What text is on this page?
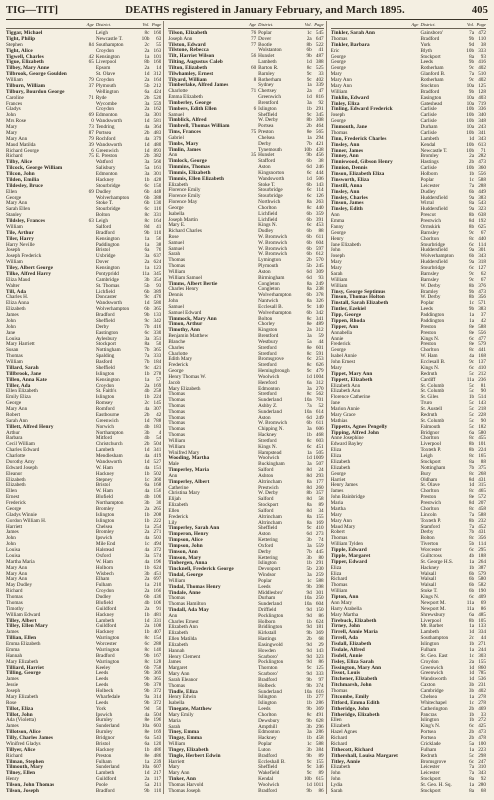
TIG—TIT]	DEATHS registered in January February, and March 1895.	405
Age District.	Vol. Page
Tiggar, Michael	Leigh	8c 160
Tight, Philip	Newcastle T.	10b	63
Stephen	84 Southampton	2c	55
Tight, Alice	Croydon	2a 163
Tigwell, Charles	42 Kensington	1a 101
Tigue, Elizabeth	65 Liverpool	8b 160
Tilbey, Mary Anne	Epsom	2a	14
Tilbrook, George Goulden	St. Olave	1d 312
William	79 Croydon	2a 164
Tilburn, William	37 Plymouth	5b 212
Tilbury, Bourdon George	Wellington	6a 424
Caroline	71 Ryde	2b 520
Frances	Wycombe	3a 559
Gladys	Croydon	2a 162
John	69 Edmonton	3a 301
Mrs Rose	0 Wandsworth	1d 581
Mary	73 Tendring	4a 364
Mary	87 Portsea	2b 483
Mary Ann	79 Rochford	4a 379
Maud Matilda	39 Wandsworth	1d 480
Richard George	6 Greenwich	1d 893
Richard	75 E. Preston	2b 382
Tilby, Alice	Watford	3a 560
Tilcock, George William	Salisbury	5a 161
Tilcon, John	Edmonton	3a 301
Tilden, Emilia	Hackney	1b 428
Tildesley, Bruce	Stourbridge	6c 150
Ellen	69 Dudley	6b 448
George	Wolverhampton	6b 388
Mary Ann	Stoke T.	6b 130
Sarah Ellen	Stourbridge	6c 116
Stanley	Bolton	8c 331
Tildsley, Frances	63 Leigh	8c 164
William	Salford	8d	41
Tile, Arthur	Bradford	9b 110
Tiler, Harry	Kensington	1a	56
Harry Neville	Paddington	1a	38
Joseph	Bristol	6a	76
Joseph Frederick	Uxbridge	3a 637
William	Dover	2a 624
Tiley, Albert George	Kensington	1a 123
Tilke, Alfred Harry	Pontypridd	11a 345
Eliza Maud	Cambridge	3b 354
Walter	St. Thomas	5b	93
Till, Ada	Lichfield	6b 389
Charles H.	Doncaster	9c 476
Eliza Anna	Wandsworth	1d 580
Elizabeth	Wolverhampton	6b 365
James	Bradford	9b 133
John	Sheffield	9c 342
John	Derby	7b 416
Jane	Eastington	6c 330
Louisa	Aylesbury	3a 351
Mary Harriett	Stockport	8a	50
Susan	Nottingham	7b 365
Thomas	Spalding	7a 333
William	Basford	7b 184
Tillard, Sarah	Sheffield	9c 421
Tillbrook, Jane	Islington	1b 278
Tillen, Anna Kate	Kensington	1a	57
Tiller, Ada	Croydon	2a 169
Ellen Elizabeth	St. Faith's	4b 258
Emily Eliza	Islington	1b 224
George	Romsey	2c 145
Mary Ann	Romford	4a 307
Robert	Eastbourne	2b	42
Sarah Ann	Greenwich	1d 788
Tillett, Alfred Henry	Norwich	4b 183
Arthur	Northampton	3b	4
Barbara	Mitford	4b	54
Cecil William	Christchurch	2b 504
Charles Edward	Lambeth	1d 341
Charlotte	Mendlesham	4a 419
Dorothy Amy	Wandsworth	1d 527
Edward Joseph	W. Ham	4a 151
Eleanor	Hackney	1b 502
Elizabeth	Stepney	1c 360
Elizabeth	Bristol	6a 168
Ellen	W. Ham	4a 156
Ernest	Blofield	4b 106
Frederick	Northampton	3b	30
George	Bromley	2a 265
Gladys Winnie	Islington	1b 208
Gordon William H.	Islington	1b 222
Harriett	Chelsea	1a 254
James	Bromley	2a 271
John	Ipswich	4a 503
John	Mile End	1c 494
Louisa	Halstead	4a 372
Louisa	Oxford	3a 574
Martha Maria	W. Ham	4a 196
Mary Ann	Holborn	1b 624
Mary Ann	Wisbech	3b 451
Mary Ann	Elham	2a 697
May Dudley	Fulham	1a 210
Richard	Croydon	2a 166
Thomas	Dudley	6b 436
Thomas	Blofield	4b 106
Timothy	Guildford	2a	91
William Edward	Hackney	1b 481
Tilley, Albert	Lambeth	1d 331
Tilley, Ellen Mary	Guildford	2a 108
James	Hackney	1b 407
Tillian, Ellen	Warrington	8c 154
Emma Elizabeth	Worcester	6c 288
Emma	Warrington	8c 140
Hannah	Bradford	9b 167
Mary Elizabeth	Warrington	8c 128
Tilliard, Harriet	Keeley	6b 758
Tilling, George	Leeds	9b 369
James	Leeds	9b 365
Jessie	Leeds	9b 378
Joseph	Holbeck	9b 372
Mary Elizabeth	Wharfedale	9a 314
Rose	Leeds	9b 372
Tillot, Eliza	York	9d	50
Tillot, John	Ipswich	4a 504
Ada (Violetta)	Burnley	8e 196
James	Sunderland	10a 603
Tillotson, Alice	Burnley	8e 169
Tilly, Charles James	Bridgnor	6a 543
Winifred Gladys	Bristol	6a 120
Tillyer, Alice	Hackney	1b 486
Richard	Preston	8e 486
Tilman, Stephen	Fulham	1a 239
Tilmouth, Mary	Sunderland	10a 607
Tilney, Ellen	Lambeth	1d 217
Henry	Guildford	2a 117
Tilson, John Thomas	Poole	5a 211
Tilson, Joseph	Bradford	9b 110
Age District.	Vol. Page
Tilson, Elizabeth	76 Poplar	1c 545
Joseph Ann	77 Dover	2a 647
Tilston, Edward	77 Bootle	8b 522
Tilstone, Rebecca	Wolstanton	6b	41
Tilt, Harriet Wilson	56 Hunslet	9b 487
Tilting, Augustus Caleb	Lambeth	1d 388
Tilton, Elizabeth	60 Barton R.	8c 525
Tilwhamley, Ernest	Barnley	9c	33
Tilyard, William	8 Rotherham	9c 402
Timberlake, Alfred James	Sydney	1a 339
Charlotte	71 Chertsey	2a	47
Emma Elizabeth	Greenwich	1d 816
Timberley, George	Brentford	3a	92
Timbers, Edith Ellen	6 Islington	1b 291
Samuel	Sheffield	9c 345
Timblick, Alfred	W. Derby	8b 308
Timbrell, Thomas William	Portsea	2b 464
Tims, Frances	75 Preston	8e 565
Gabriel	Chelsea	1a 294
Timbs, Mary	Derby	7b 421
Timlin, James	Tynemouth	10b 438
Ann	35 Hunslet	9b 456
Timlock, George	Stafford	6b	38
Timmins, Thomas	Aston	6d 246
Timmis, Elizabeth	Kingsnorton	6c 444
Timmis, Ellen Elizabeth	Wandsworth	1d 506
Elizabeth	Stoke T.	6b 143
Florence Emily	Stourbridge	6c 114
Florence Emily	Stourbridge	6c 126
Florence May	Northwich	8a 263
George	Chorlton	8c 440
Isabella	Lichfield	6b 359
Joseph Martin	Lichfield	6b 391
Mary E.	Kings N.	6c 453
Richard Charles	Dudley	6b	88
Rose	W. Bromwich	6b 611
Samuel	W. Bromwich	6b 604
Samuel	W. Bromwich	6b 597
Sarah	W. Bromwich	6b 612
Thomas	Lymington	2b 570
Thomas	Plymouth	5b 245
William	Aston	6d 309
William Samuel	Birmingham	6d	93
Timms, Albert Bertie	Congleton	8a 249
Charles Henry	Congleton	8a 238
Dennis	Wolverhampton	6b 378
John	Nantwich	8a 326
Samuel	Ecclesall B.	9c 140
Samuel Edward	Wolverhampton	6b 342
Timmock, Mary Ann	Bolton	8c 341
Timon, Arthur	Chorley	8e 489
Timothy, Ann	Kingston	2a 312
Benjamin Matthew	Brentford	3a	59
Blanche	Westbury	5a	44
Charles	Stretford	8e 601
Charlotte	Stretford	8c 591
Edith Mary	Bromsgrove	6c 253
Frederick	Stretford	8c 626
George	Hemingbrough	9c 479
Henry Thomas W.	Woolwich	1d 1004
Jacob	Hereford	6a 312
Mary Elizabeth	Edmonton	3a 270
Thomas	Stretford	8c 562
Thomas	Sunderland	10a 701
Thomas	Ashby Z.	7a	52
Thomas	Sunderland	10a 614
Thomas	Aston	6d 249
Thomas	W. Bromwich	6b 611
Thomas	Chipping N.	3a 606
Thomas	Hackney	1b 468
William	Stretford	8c 603
William	Kings N.	6c 451
Winifred Mary	Hampstead	1a 505
Wooding, Martha	Woolwich	1d 1009
Male	Buckingham	3a 507
Timperley, Maria	Salford	8d	24
Ann	Ashton	8d 293
Timperley, Albert	Altrincham	8a 177
Catherine	Prestwich	8d 260
Christina Mary	W. Derby	8b 357
Elijah	Salford	8d	58
Elizabeth	Stockport	8a	89
Ellen	Salford	8d	34
Frederick	Altrincham	8a 155
Lily	Altrincham	8a 169
Timperley, Sarah Ann	Sheffield	9c 410
Timperon, Henry	Aston	6d 273
Timpson, Alice	Kettering	3b	74
Timpson, John	Oxford	3a 559
Timson, Ann	Derby	7b 445
Timson, Mary	Kettering	3b	80
Tinbergen, Anna	Islington	1b 291
Tincknell, Frederick George	Devonport	5b 230
Tindal, George	Windsor	3a 259
William	Poplar	1c 588
Tindal, Thomas Henry	Leeds	9b 398
Tindale, Anne	Middlesbro'	9d 301
Thomas	Durham	10a 250
Thomas Hamilton	Sunderland	10a 604
Tindall, Ada May	Driffield	9d 150
Ann	Pocklington	9d	86
Charles Ernest	Holborn	1b 624
Elizabeth Ann	Bridlington	9d 181
Elizabeth	Kirkstall	9b 369
Ellen Matilda	Hastings	2b	68
Elizabeth	Easingwold	9d	29
Hannah	Howden	9d 143
Henry Clement	Scarboro'	9d 323
James	Pocklington	9d	86
Margaret	Thornton	9c 125
Mary Ann	Scarboro'	9d 333
Sarah Eleanor	Bradford	9b	97
Thomas	Holbeck	9b 374
Tindle, Eliza	Sunderland	10a 616
Henry Edwin	Islington	1b 277
Isabella	Islington	1b 286
Tinegate, Matthew	Leeds	9b 369
Mary Emily	Chorlton	8c 491
Maria	Dewsbury	9b 628
Sarah	Ampthill	3b 296
Tiney, Emma	Edmonton	3a 286
Tingay, Emma	Hackney	1b 458
William	Poplar	1c 588
Tingey, Elizabeth	Luton	3b 384
Tingle, Herbert Edwin	Bradford	9b	89
Harriett	Eccleshall B.	9c 155
Mary	Sheffield	9c 346
Mary Ann	Wakefield	9c	89
Tinker, Ann	Kendal	10b 615
Thomas Harvold	Woolwich	1d 1011
Thomas Joseph	Bradford	9b	86
Age District.	Vol. Page
Tinkler, Sarah Ann	Gainsboro'	7a 472
Thomas	Bradford	9b 110
Tinkler, Barbara	York	9d	38
Eric	Blyth	10b 333
George	Stockport	8a	93
George	Leeds	9b 416
George	Rotherham	9c 402
Mary	Glanford B.	7a 510
Mary Ann	Rotherham	9c 402
Mary Ann	Stockton	10a 125
William	Bradford	9b 128
Tinklin, Edward	Easington	10a 403
Tinley, Eliza	Gateshead	10a 719
Tinling, Edward Frederick	Carlisle	10b 336
Joseph	Carlisle	10b 340
George	Carlisle	10b 348
Tinmouth, Jane	Durham	10a 243
Thomas	Carlisle	10b 341
Tinn, Frederick Charles	Lambeth	1d 343
Tinsley, Ann	Kendal	10b 613
Tinner, James	Newcastle T.	10b	71
Tinney, Ann	Bromley	2a 282
Tinniswood, Gibson Henry	Hastings	2b 473
Tinnion, Dennis	Carlisle	10b 360
Tinson, Elizabeth Eliza	Holborn	1b 556
Tinsworth, Eliza	Poplar	1c 588
Tinstill, Anna	Leicester	7a 288
Tinsley, Ann	Dudley	6b 449
Tinsley, Charles	Huddersfield	9a 383
Tinson, James	Wirral	8a 543
Tinsley, Edith	Huddersfield	9a 323
Ann	Prescot	8b 638
Emma	Prestwich	8d 192
Fanny	Ormskirk	8b 625
George	Barnsley	9c	67
Henry	Chorlton	8c 440
Jane Elizabeth	Stourbridge	6c 114
John	Huddersfield	9a 301
Joseph	Wolverhampton	6b 343
Mary	Huddersfield	9a 318
Mary	Stourbridge	6c 127
Sarah	Barnsley	9c	62
William	Barnsley	9c	67
William	W. Derby	8b 376
Tinsy, George Septimus	Bramley	9b 473
Tinson, Thomas Holton	W. Derby	8b 356
Tinstall, Sarah Elizabeth	Poplar	1c 571
Tintler, Ezekiel	Leeds	9b 383
Tipp, George	Paddington	1a	37
Tippen, Rhoda	Paddington	1a	42
Tipper, Ann	Preston	8e 588
Annabella	Preston	8e 556
Annie	Kings N.	6c 477
Frederick	Preston	8e 579
George	Chorlton	8c 441
Isabel Annie	W. Ham	4a 168
John Ernest	Ecclesall B.	9c 137
Mary	Kings N.	6c 410
Tippet, Mary Ann	Redruth	5c 212
Tippett, Elizabeth	Cardiff	11a 236
Elizabeth Ann	St. Columb	5c	81
Elizabeth Ann	St. Columb	5c	90
Florence Catherine	St. Giles	1b 514
Jane	Truro	5c 143
Marion Annie	St. Austell	5c 218
Mary Grace	Redruth	5c 228
Mathias	St. Columb	5c	90
Tippetts, Agnes Pengelly	Falmouth	5c 182
Tipping, Alfred John	Bridgnor	6a 580
Anne Josephine	Chorlton	8c 455
Edward Bayley	Liverpool	8b 101
Eliza	Toxteth P.	8b 224
Eliza	Leigh	8c 165
Elizabeth	Stockport	8a	88
Elizabeth	Nottingham	7b 375
George	Bury	8c 268
Harriet	Oldham	8d 431
Henry James	St. Olave	1d 315
James	Chorlton	8c 465
John Bainbridge	Preston	8e 572
Maria	Prestwich	8d 207
Martha	Chorlton	8c 458
Mary	Lincoln	7a 588
Mary Ann	Toxteth P.	8b 232
Maud Mary	Stamford	7a 452
Robert	Derby	7b 431
Thomas	Bolton	8c 356
William Tylden	Tiverton	5b 114
Tipple, Edward	Worcester	6c 295
Tipple, Margaret	Guiltcross	4b 188
Tipper, Edward	St. George H.S.	1a 264
Eliza	Hackney	1b 387
Eliza	Walsall	6b 579
Richard	Walsall	6b 580
Thomas	Walsall	6b 582
William	Stoke T.	6b 190
Tipton, Ann	Kings N.	6c 409
Ann Mary	Newport M.	11a	69
Harry Arabella	Newport M.	11a	86
Mary Martha	Shrewsbury	6a 485
Tirebuck, Elizabeth	Liverpool	8b 105
Tirney, John	Mt. Barbet	1a 133
Tirrell, Annie Maria	Lambeth	1d 334
Tirrell, Ada	Southampton	2c	44
Tisdall, Elizabeth	Islington	1b 271
Tisdale, Alfred	Fulham	1a 244
Tisdell, Annie	St. Geo. East	1c 303
Tisley, Eliza Sarah	Croydon	2a 155
Tissington, Mary Ann	Greenwich	1d 860
Tissot, Louis	Greenwich	1d 785
Titchener, Elizabeth	Wandsworth	1d 536
Titchmarsh, John	Caxton	3b 231
Thomas	Cambridge	3b 402
Titcombe, Emily	Chelsea	1a 278
Titford, Emma Edith	Whitechapel	1c 278
Titheridge, John	Catherington	2b 469
Titheridge, Elizabeth	Pancras	1b	33
Ellen	Islington	1b 272
Elizabeth	King's N.	6c 425
Hazel Agnes	Portsea	2b 473
Richard	Portsea	2b 478
Richard	Cricklade	5a 100
Tithecott, Richard	Fulham	1a 223
Tithershall, Louisa Margaret	Redruth	5c 298
Titley, Annie	Bromsgrove	6c 247
Elizabeth	Leicester	7a 310
John	Leicester	7a 343
John	Stockport	8a	92
Lydia	St. Geo. H. Sq.	1a 280
Sarah	Stockport	8a	68
